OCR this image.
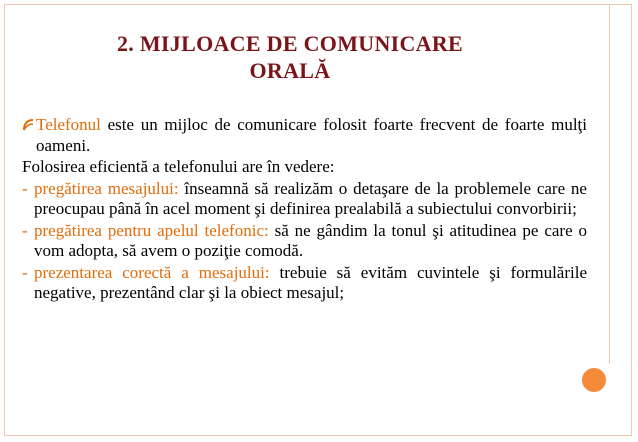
2. MIJLOACE DE COMUNICARE
ORALĂ
Telefonul este un mijloc de comunicare folosit foarte frecvent de foarte mulţi oameni.
Folosirea eficientă a telefonului are în vedere:
- pregătirea mesajului: înseamnă să realizăm o detaşare de la problemele care ne preocupau până în acel moment şi definirea prealabilă a subiectului convorbirii;
- pregătirea pentru apelul telefonic: să ne gândim la tonul şi atitudinea pe care o vom adopta, să avem o poziţie comodă.
- prezentarea corectă a mesajului: trebuie să evităm cuvintele şi formulările negative, prezentând clar şi la obiect mesajul;
